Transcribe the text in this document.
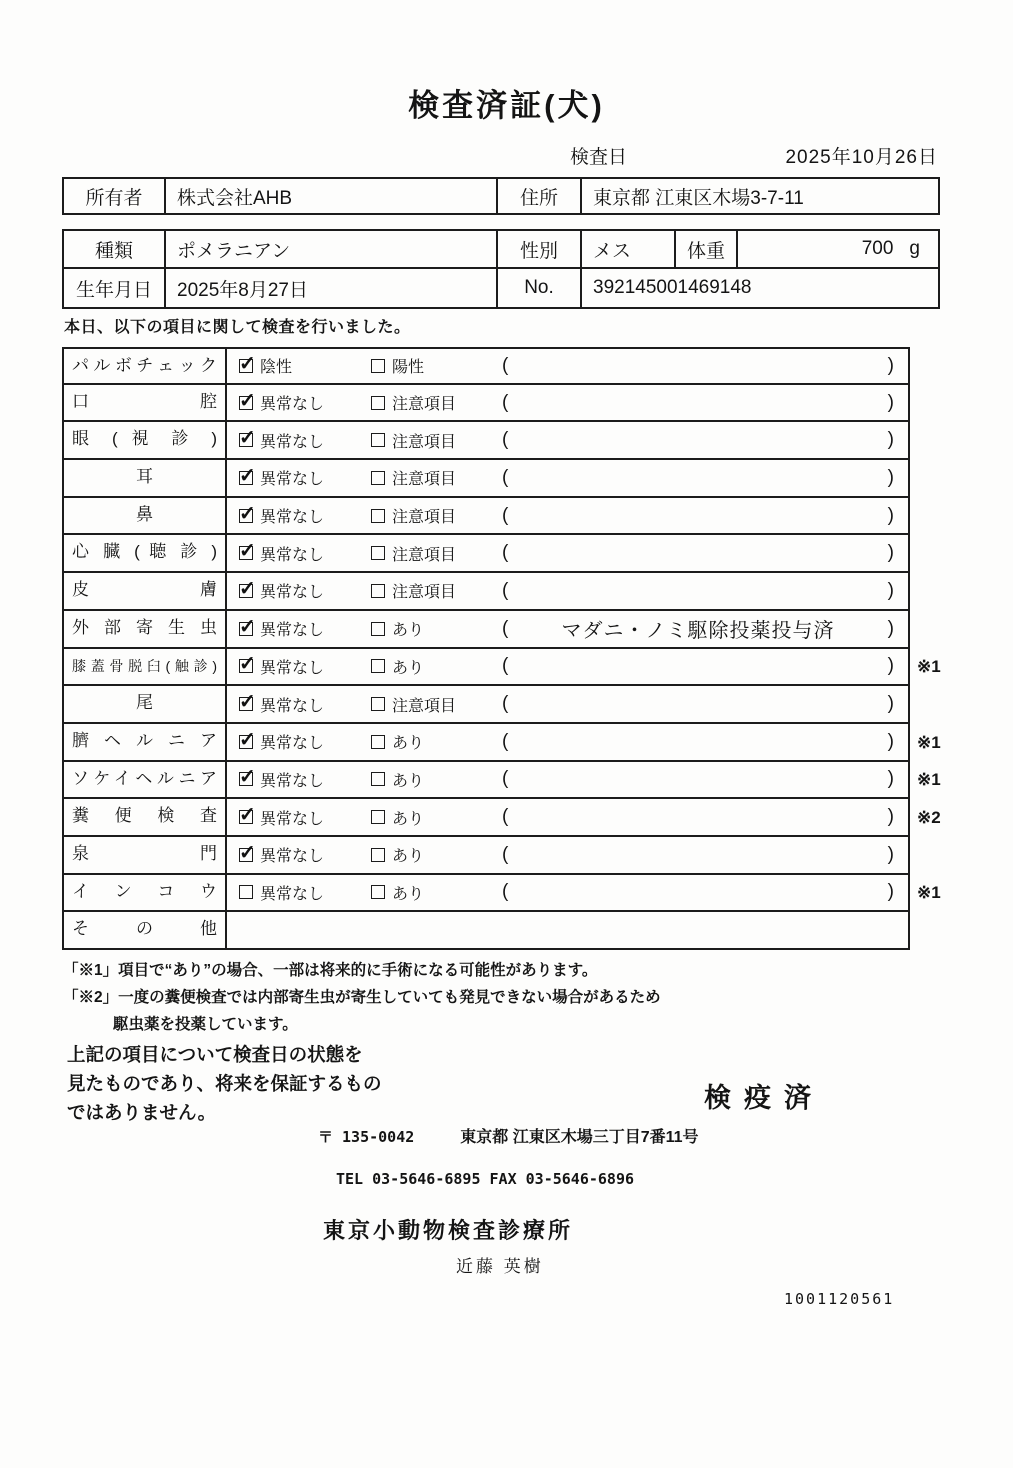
検査済証(犬)
検査日	2025年10月26日
所有者	株式会社AHB	住所	東京都 江東区木場3-7-11
種類	ポメラニアン	性別	メス	体重	700 g
生年月日	2025年8月27日	No.	392145001469148
本日、以下の項目に関して検査を行いました。
パルボチェック ✓	陰性	陽性	(	)
口 腔 ✓	異常なし	注意項目 (	)
眼 ( 視 診 ) ✓	異常なし	注意項目 (	)
耳 ✓	異常なし	注意項目 (	)
鼻 ✓	異常なし	注意項目 (	)
心 臓 ( 聴 診 ) ✓	異常なし	注意項目 (	)
皮 膚 ✓	異常なし	注意項目 (	)
外 部 寄 生 虫 ✓	異常なし	あり	(	マダニ・ノミ駆除投薬投与済	)
膝蓋骨脱臼(触診) ✓	異常なし	あり	(	)	※1
尾 ✓	異常なし	注意項目 (	)
臍 ヘ ル ニ ア ✓	異常なし	あり	(	)	※1
ソケイヘルニア ✓	異常なし	あり	(	)	※1
糞 便 検 査 ✓	異常なし	あり	(	)	※2
泉 門 ✓	異常なし	あり	(	)
イ ン コ ウ	異常なし	あり	(	)	※1
そ の 他
「※1」項目で“あり”の場合、一部は将来的に手術になる可能性があります。
「※2」一度の糞便検査では内部寄生虫が寄生していても発見できない場合があるため
駆虫薬を投薬しています。
上記の項目について検査日の状態を
見たものであり、将来を保証するもの
ではありません。	検疫済
〒 135-0042	東京都 江東区木場三丁目7番11号
TEL 03-5646-6895 FAX 03-5646-6896
東京小動物検査診療所
近藤 英樹
1001120561
